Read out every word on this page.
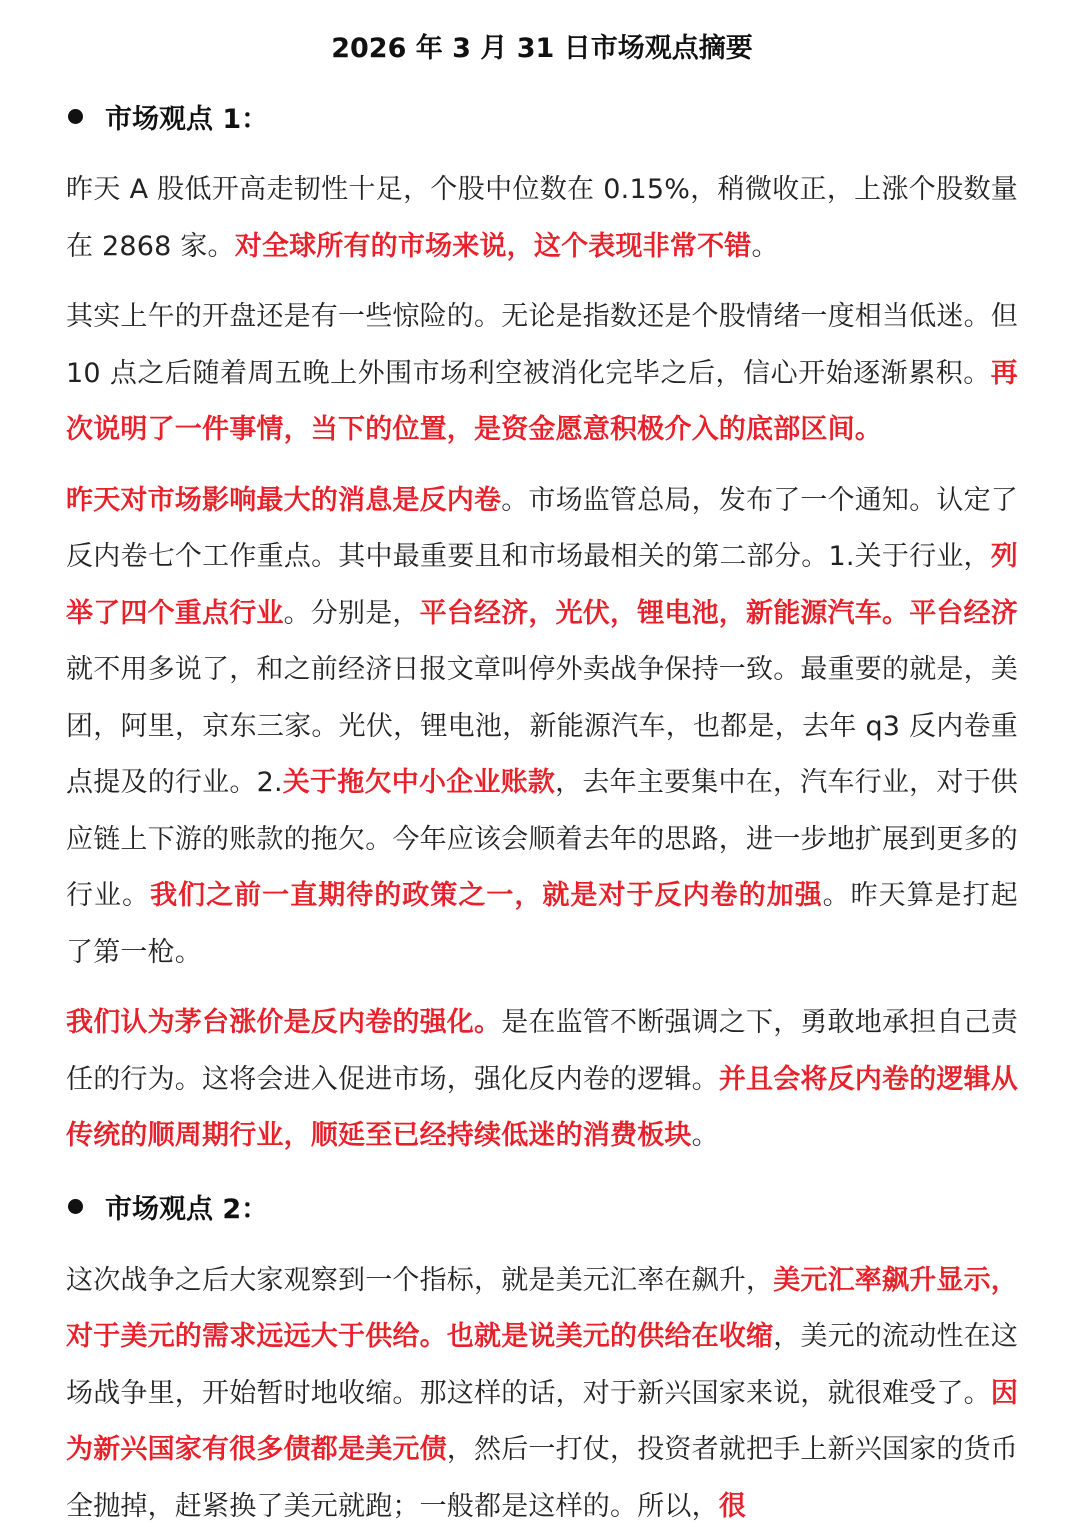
2026 年 3 月 31 日市场观点摘要
市场观点 1：

昨天 A 股低开高走韧性十足，个股中位数在 0.15%，稍微收正，上涨个股数量在 2868 家。对全球所有的市场来说，这个表现非常不错。

其实上午的开盘还是有一些惊险的。无论是指数还是个股情绪一度相当低迷。但 10 点之后随着周五晚上外围市场利空被消化完毕之后，信心开始逐渐累积。再次说明了一件事情，当下的位置，是资金愿意积极介入的底部区间。

昨天对市场影响最大的消息是反内卷。市场监管总局，发布了一个通知。认定了反内卷七个工作重点。其中最重要且和市场最相关的第二部分。1.关于行业，列举了四个重点行业。分别是，平台经济，光伏，锂电池，新能源汽车。平台经济就不用多说了，和之前经济日报文章叫停外卖战争保持一致。最重要的就是，美团，阿里，京东三家。光伏，锂电池，新能源汽车，也都是，去年 q3 反内卷重点提及的行业。2.关于拖欠中小企业账款，去年主要集中在，汽车行业，对于供应链上下游的账款的拖欠。今年应该会顺着去年的思路，进一步地扩展到更多的行业。我们之前一直期待的政策之一，就是对于反内卷的加强。昨天算是打起了第一枪。

我们认为茅台涨价是反内卷的强化。是在监管不断强调之下，勇敢地承担自己责任的行为。这将会进入促进市场，强化反内卷的逻辑。并且会将反内卷的逻辑从传统的顺周期行业，顺延至已经持续低迷的消费板块。

市场观点 2：

这次战争之后大家观察到一个指标，就是美元汇率在飙升，美元汇率飙升显示，对于美元的需求远远大于供给。也就是说美元的供给在收缩，美元的流动性在这场战争里，开始暂时地收缩。那这样的话，对于新兴国家来说，就很难受了。因为新兴国家有很多债都是美元债，然后一打仗，投资者就把手上新兴国家的货币全抛掉，赶紧换了美元就跑；一般都是这样的。所以，很
